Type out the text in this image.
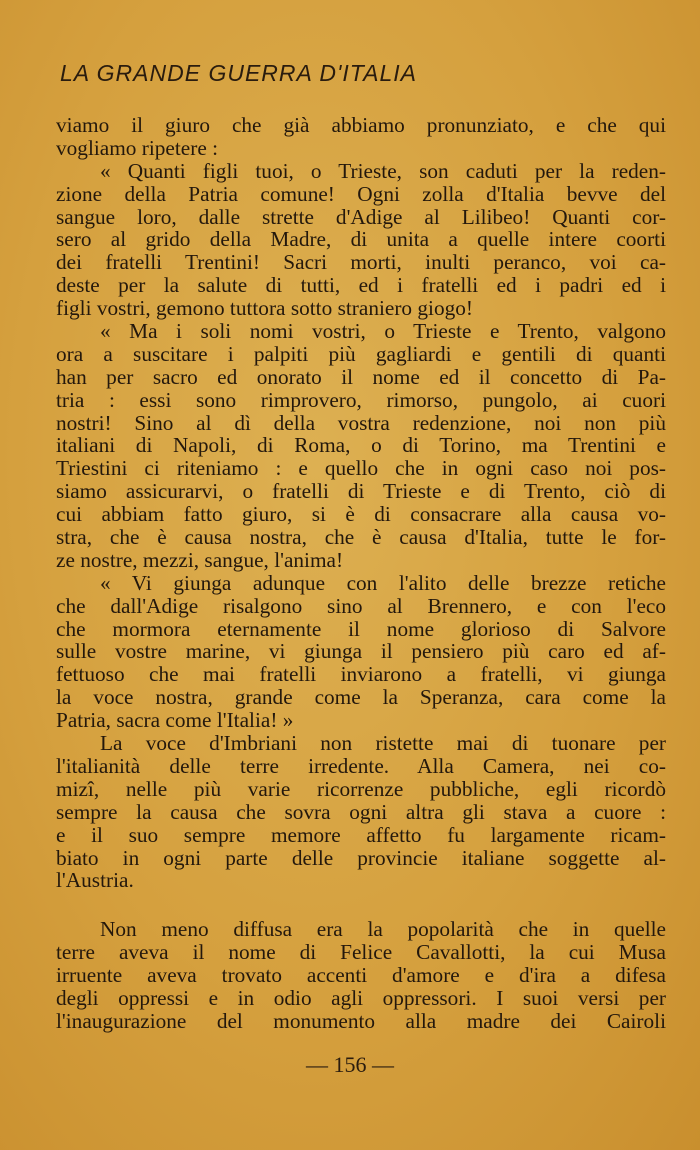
LA GRANDE GUERRA D'ITALIA
viamo il giuro che già abbiamo pronunziato, e che qui
vogliamo ripetere :
« Quanti figli tuoi, o Trieste, son caduti per la reden-
zione della Patria comune! Ogni zolla d'Italia bevve del
sangue loro, dalle strette d'Adige al Lilibeo! Quanti cor-
sero al grido della Madre, di unita a quelle intere coorti
dei fratelli Trentini! Sacri morti, inulti peranco, voi ca-
deste per la salute di tutti, ed i fratelli ed i padri ed i
figli vostri, gemono tuttora sotto straniero giogo!
« Ma i soli nomi vostri, o Trieste e Trento, valgono
ora a suscitare i palpiti più gagliardi e gentili di quanti
han per sacro ed onorato il nome ed il concetto di Pa-
tria : essi sono rimprovero, rimorso, pungolo, ai cuori
nostri! Sino al dì della vostra redenzione, noi non più
italiani di Napoli, di Roma, o di Torino, ma Trentini e
Triestini ci riteniamo : e quello che in ogni caso noi pos-
siamo assicurarvi, o fratelli di Trieste e di Trento, ciò di
cui abbiam fatto giuro, si è di consacrare alla causa vo-
stra, che è causa nostra, che è causa d'Italia, tutte le for-
ze nostre, mezzi, sangue, l'anima!
« Vi giunga adunque con l'alito delle brezze retiche
che dall'Adige risalgono sino al Brennero, e con l'eco
che mormora eternamente il nome glorioso di Salvore
sulle vostre marine, vi giunga il pensiero più caro ed af-
fettuoso che mai fratelli inviarono a fratelli, vi giunga
la voce nostra, grande come la Speranza, cara come la
Patria, sacra come l'Italia! »
La voce d'Imbriani non ristette mai di tuonare per
l'italianità delle terre irredente. Alla Camera, nei co-
mizî, nelle più varie ricorrenze pubbliche, egli ricordò
sempre la causa che sovra ogni altra gli stava a cuore :
e il suo sempre memore affetto fu largamente ricam-
biato in ogni parte delle provincie italiane soggette al-
l'Austria.
Non meno diffusa era la popolarità che in quelle
terre aveva il nome di Felice Cavallotti, la cui Musa
irruente aveva trovato accenti d'amore e d'ira a difesa
degli oppressi e in odio agli oppressori. I suoi versi per
l'inaugurazione del monumento alla madre dei Cairoli
— 156 —
